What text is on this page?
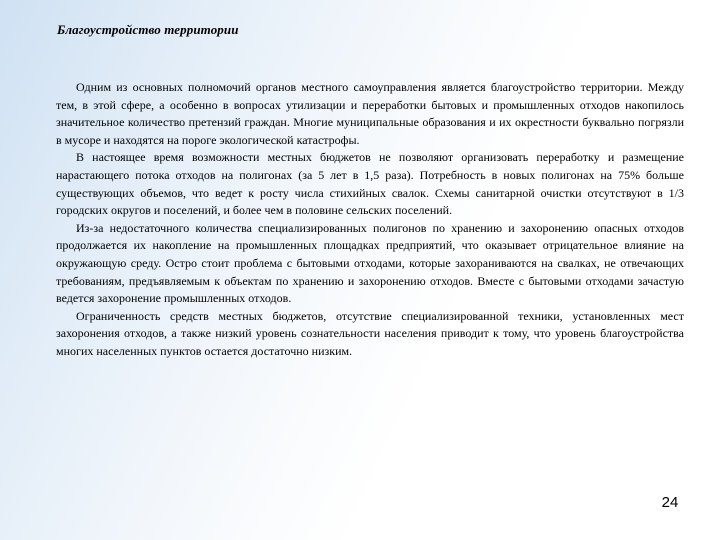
Благоустройство территории

Одним из основных полномочий органов местного самоуправления является благоустройство территории. Между тем, в этой сфере, а особенно в вопросах утилизации и переработки бытовых и промышленных отходов накопилось значительное количество претензий граждан. Многие муниципальные образования и их окрестности буквально погрязли в мусоре и находятся на пороге экологической катастрофы.

В настоящее время возможности местных бюджетов не позволяют организовать переработку и размещение нарастающего потока отходов на полигонах (за 5 лет в 1,5 раза). Потребность в новых полигонах на 75% больше существующих объемов, что ведет к росту числа стихийных свалок. Схемы санитарной очистки отсутствуют в 1/3 городских округов и поселений, и более чем в половине сельских поселений.

Из-за недостаточного количества специализированных полигонов по хранению и захоронению опасных отходов продолжается их накопление на промышленных площадках предприятий, что оказывает отрицательное влияние на окружающую среду. Остро стоит проблема с бытовыми отходами, которые захораниваются на свалках, не отвечающих требованиям, предъявляемым к объектам по хранению и захоронению отходов. Вместе с бытовыми отходами зачастую ведется захоронение промышленных отходов.

Ограниченность средств местных бюджетов, отсутствие специализированной техники, установленных мест захоронения отходов, а также низкий уровень сознательности населения приводит к тому, что уровень благоустройства многих населенных пунктов остается достаточно низким.

24
